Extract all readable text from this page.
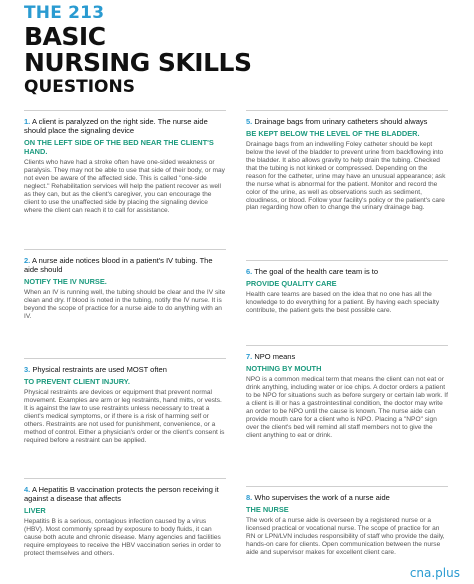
THE 213
BASIC
NURSING SKILLS
QUESTIONS

1. A client is paralyzed on the right side. The nurse aide should place the signaling device

ON THE LEFT SIDE OF THE BED NEAR THE CLIENT'S HAND.

Clients who have had a stroke often have one-sided weakness or paralysis. They may not be able to use that side of their body, or may not even be aware of the affected side. This is called "one-side neglect." Rehabilitation services will help the patient recover as well as they can, but as the client's caregiver, you can encourage the client to use the unaffected side by placing the signaling device where the client can reach it to call for assistance.

2. A nurse aide notices blood in a patient's IV tubing. The aide should

NOTIFY THE IV NURSE.

When an IV is running well, the tubing should be clear and the IV site clean and dry. If blood is noted in the tubing, notify the IV nurse. It is beyond the scope of practice for a nurse aide to do anything with an IV.

3. Physical restraints are used MOST often

TO PREVENT CLIENT INJURY.

Physical restraints are devices or equipment that prevent normal movement. Examples are arm or leg restraints, hand mitts, or vests. It is against the law to use restraints unless necessary to treat a client's medical symptoms, or if there is a risk of harming self or others. Restraints are not used for punishment, convenience, or a method of control. Either a physician's order or the client's consent is required before a restraint can be applied.

4. A Hepatitis B vaccination protects the person receiving it against a disease that affects

LIVER

Hepatitis B is a serious, contagious infection caused by a virus (HBV). Most commonly spread by exposure to body fluids, it can cause both acute and chronic disease. Many agencies and facilities require employees to receive the HBV vaccination series in order to protect themselves and others.

5. Drainage bags from urinary catheters should always

BE KEPT BELOW THE LEVEL OF THE BLADDER.

Drainage bags from an indwelling Foley catheter should be kept below the level of the bladder to prevent urine from backflowing into the bladder. It also allows gravity to help drain the tubing. Checked that the tubing is not kinked or compressed. Depending on the reason for the catheter, urine may have an unusual appearance; ask the nurse what is abnormal for the patient. Monitor and record the color of the urine, as well as observations such as sediment, cloudiness, or blood. Follow your facility's policy or the patient's care plan regarding how often to change the urinary drainage bag.

6. The goal of the health care team is to

PROVIDE QUALITY CARE

Health care teams are based on the idea that no one has all the knowledge to do everything for a patient. By having each specialty contribute, the patient gets the best possible care.

7. NPO means

NOTHING BY MOUTH

NPO is a common medical term that means the client can not eat or drink anything, including water or ice chips. A doctor orders a patient to be NPO for situations such as before surgery or certain lab work. If a client is ill or has a gastrointestinal condition, the doctor may write an order to be NPO until the cause is known. The nurse aide can provide mouth care for a client who is NPO. Placing a "NPO" sign over the client's bed will remind all staff members not to give the client anything to eat or drink.

8. Who supervises the work of a nurse aide

THE NURSE

The work of a nurse aide is overseen by a registered nurse or a licensed practical or vocational nurse. The scope of practice for an RN or LPN/LVN includes responsibility of staff who provide the daily, hands-on care for clients. Open communication between the nurse aide and supervisor makes for excellent client care.

cna.plus
